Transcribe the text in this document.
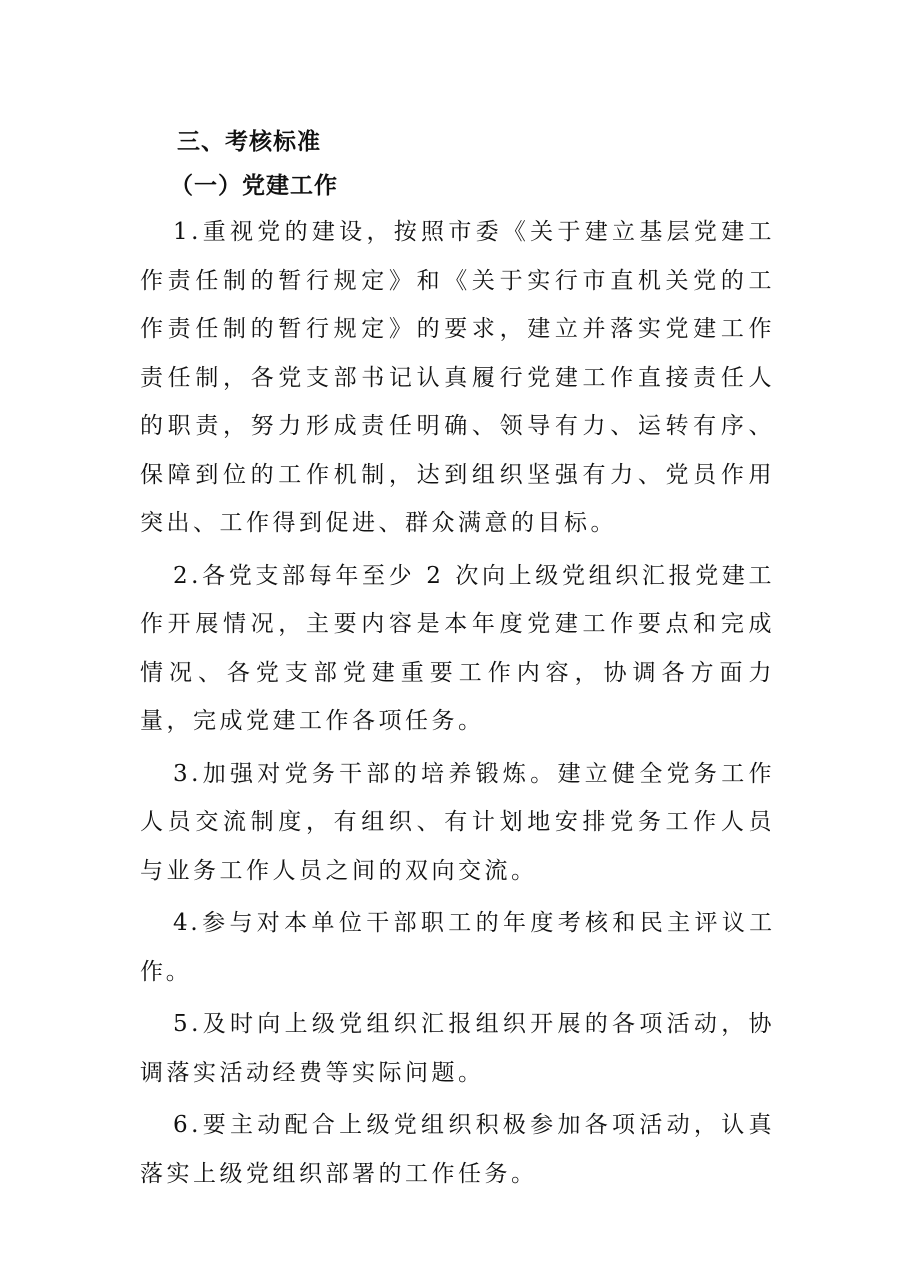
三、考核标准
（一）党建工作

1.重视党的建设，按照市委《关于建立基层党建工作责任制的暂行规定》和《关于实行市直机关党的工作责任制的暂行规定》的要求，建立并落实党建工作责任制，各党支部书记认真履行党建工作直接责任人的职责，努力形成责任明确、领导有力、运转有序、保障到位的工作机制，达到组织坚强有力、党员作用突出、工作得到促进、群众满意的目标。

2.各党支部每年至少 2 次向上级党组织汇报党建工作开展情况，主要内容是本年度党建工作要点和完成情况、各党支部党建重要工作内容，协调各方面力量，完成党建工作各项任务。

3.加强对党务干部的培养锻炼。建立健全党务工作人员交流制度，有组织、有计划地安排党务工作人员与业务工作人员之间的双向交流。

4.参与对本单位干部职工的年度考核和民主评议工作。

5.及时向上级党组织汇报组织开展的各项活动，协调落实活动经费等实际问题。

6.要主动配合上级党组织积极参加各项活动，认真落实上级党组织部署的工作任务。
